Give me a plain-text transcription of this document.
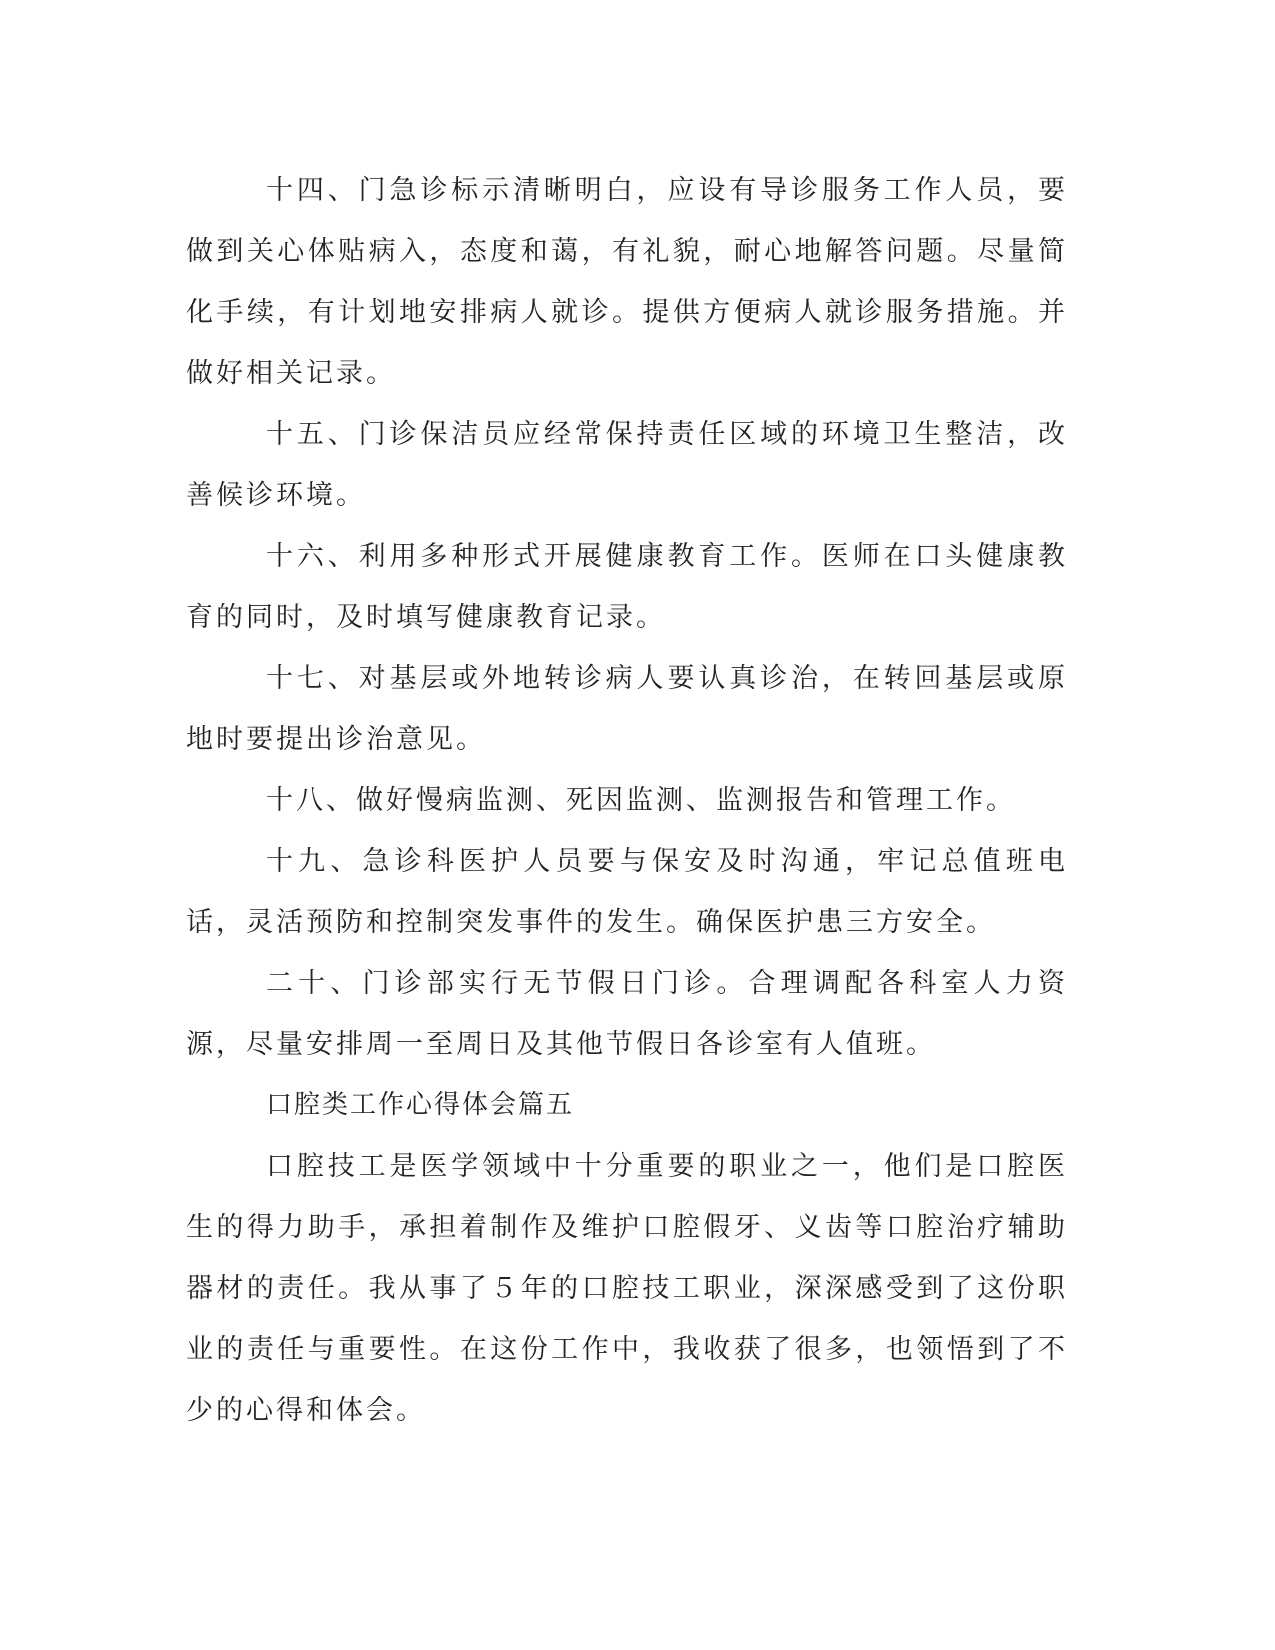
十四、门急诊标示清晰明白，应设有导诊服务工作人员，要做到关心体贴病入，态度和蔼，有礼貌，耐心地解答问题。尽量简化手续，有计划地安排病人就诊。提供方便病人就诊服务措施。并做好相关记录。

十五、门诊保洁员应经常保持责任区域的环境卫生整洁，改善候诊环境。

十六、利用多种形式开展健康教育工作。医师在口头健康教育的同时，及时填写健康教育记录。

十七、对基层或外地转诊病人要认真诊治，在转回基层或原地时要提出诊治意见。

十八、做好慢病监测、死因监测、监测报告和管理工作。

十九、急诊科医护人员要与保安及时沟通，牢记总值班电话，灵活预防和控制突发事件的发生。确保医护患三方安全。

二十、门诊部实行无节假日门诊。合理调配各科室人力资源，尽量安排周一至周日及其他节假日各诊室有人值班。

口腔类工作心得体会篇五

口腔技工是医学领域中十分重要的职业之一，他们是口腔医生的得力助手，承担着制作及维护口腔假牙、义齿等口腔治疗辅助器材的责任。我从事了５年的口腔技工职业，深深感受到了这份职业的责任与重要性。在这份工作中，我收获了很多，也领悟到了不少的心得和体会。
